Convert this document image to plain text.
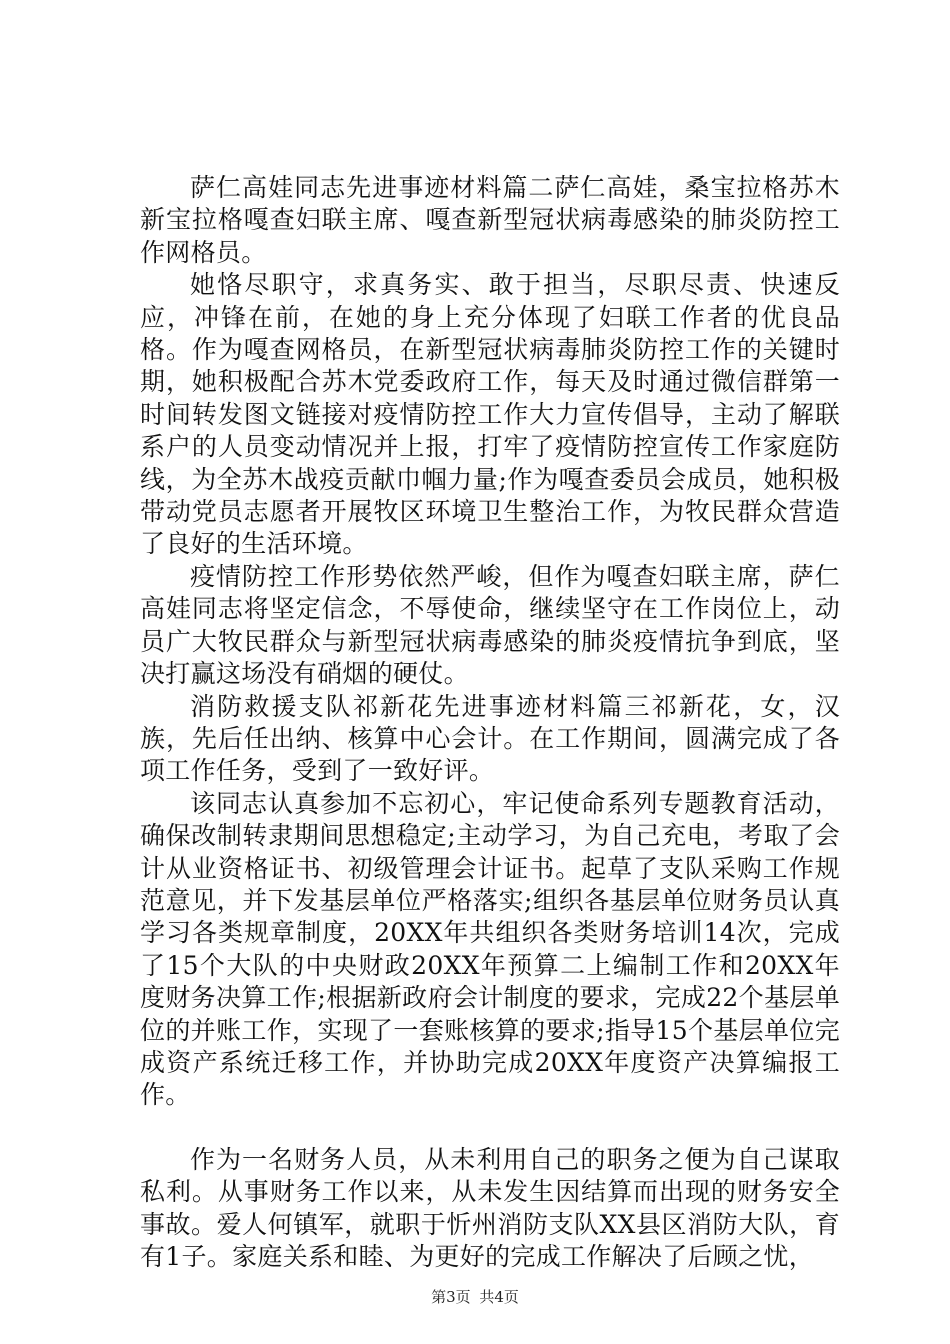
萨仁高娃同志先进事迹材料篇二萨仁高娃，桑宝拉格苏木新宝拉格嘎查妇联主席、嘎查新型冠状病毒感染的肺炎防控工作网格员。

她恪尽职守，求真务实、敢于担当，尽职尽责、快速反应，冲锋在前，在她的身上充分体现了妇联工作者的优良品格。作为嘎查网格员，在新型冠状病毒肺炎防控工作的关键时期，她积极配合苏木党委政府工作，每天及时通过微信群第一时间转发图文链接对疫情防控工作大力宣传倡导，主动了解联系户的人员变动情况并上报，打牢了疫情防控宣传工作家庭防线，为全苏木战疫贡献巾帼力量;作为嘎查委员会成员，她积极带动党员志愿者开展牧区环境卫生整治工作，为牧民群众营造了良好的生活环境。

疫情防控工作形势依然严峻，但作为嘎查妇联主席，萨仁高娃同志将坚定信念，不辱使命，继续坚守在工作岗位上，动员广大牧民群众与新型冠状病毒感染的肺炎疫情抗争到底，坚决打赢这场没有硝烟的硬仗。

消防救援支队祁新花先进事迹材料篇三祁新花，女，汉族，先后任出纳、核算中心会计。在工作期间，圆满完成了各项工作任务，受到了一致好评。

该同志认真参加不忘初心，牢记使命系列专题教育活动，确保改制转隶期间思想稳定;主动学习，为自己充电，考取了会计从业资格证书、初级管理会计证书。起草了支队采购工作规范意见，并下发基层单位严格落实;组织各基层单位财务员认真学习各类规章制度，20XX年共组织各类财务培训14次，完成了15个大队的中央财政20XX年预算二上编制工作和20XX年度财务决算工作;根据新政府会计制度的要求，完成22个基层单位的并账工作，实现了一套账核算的要求;指导15个基层单位完成资产系统迁移工作，并协助完成20XX年度资产决算编报工作。

作为一名财务人员，从未利用自己的职务之便为自己谋取私利。从事财务工作以来，从未发生因结算而出现的财务安全事故。爱人何镇军，就职于忻州消防支队XX县区消防大队，育有1子。家庭关系和睦、为更好的完成工作解决了后顾之忧，

第3页 共4页
